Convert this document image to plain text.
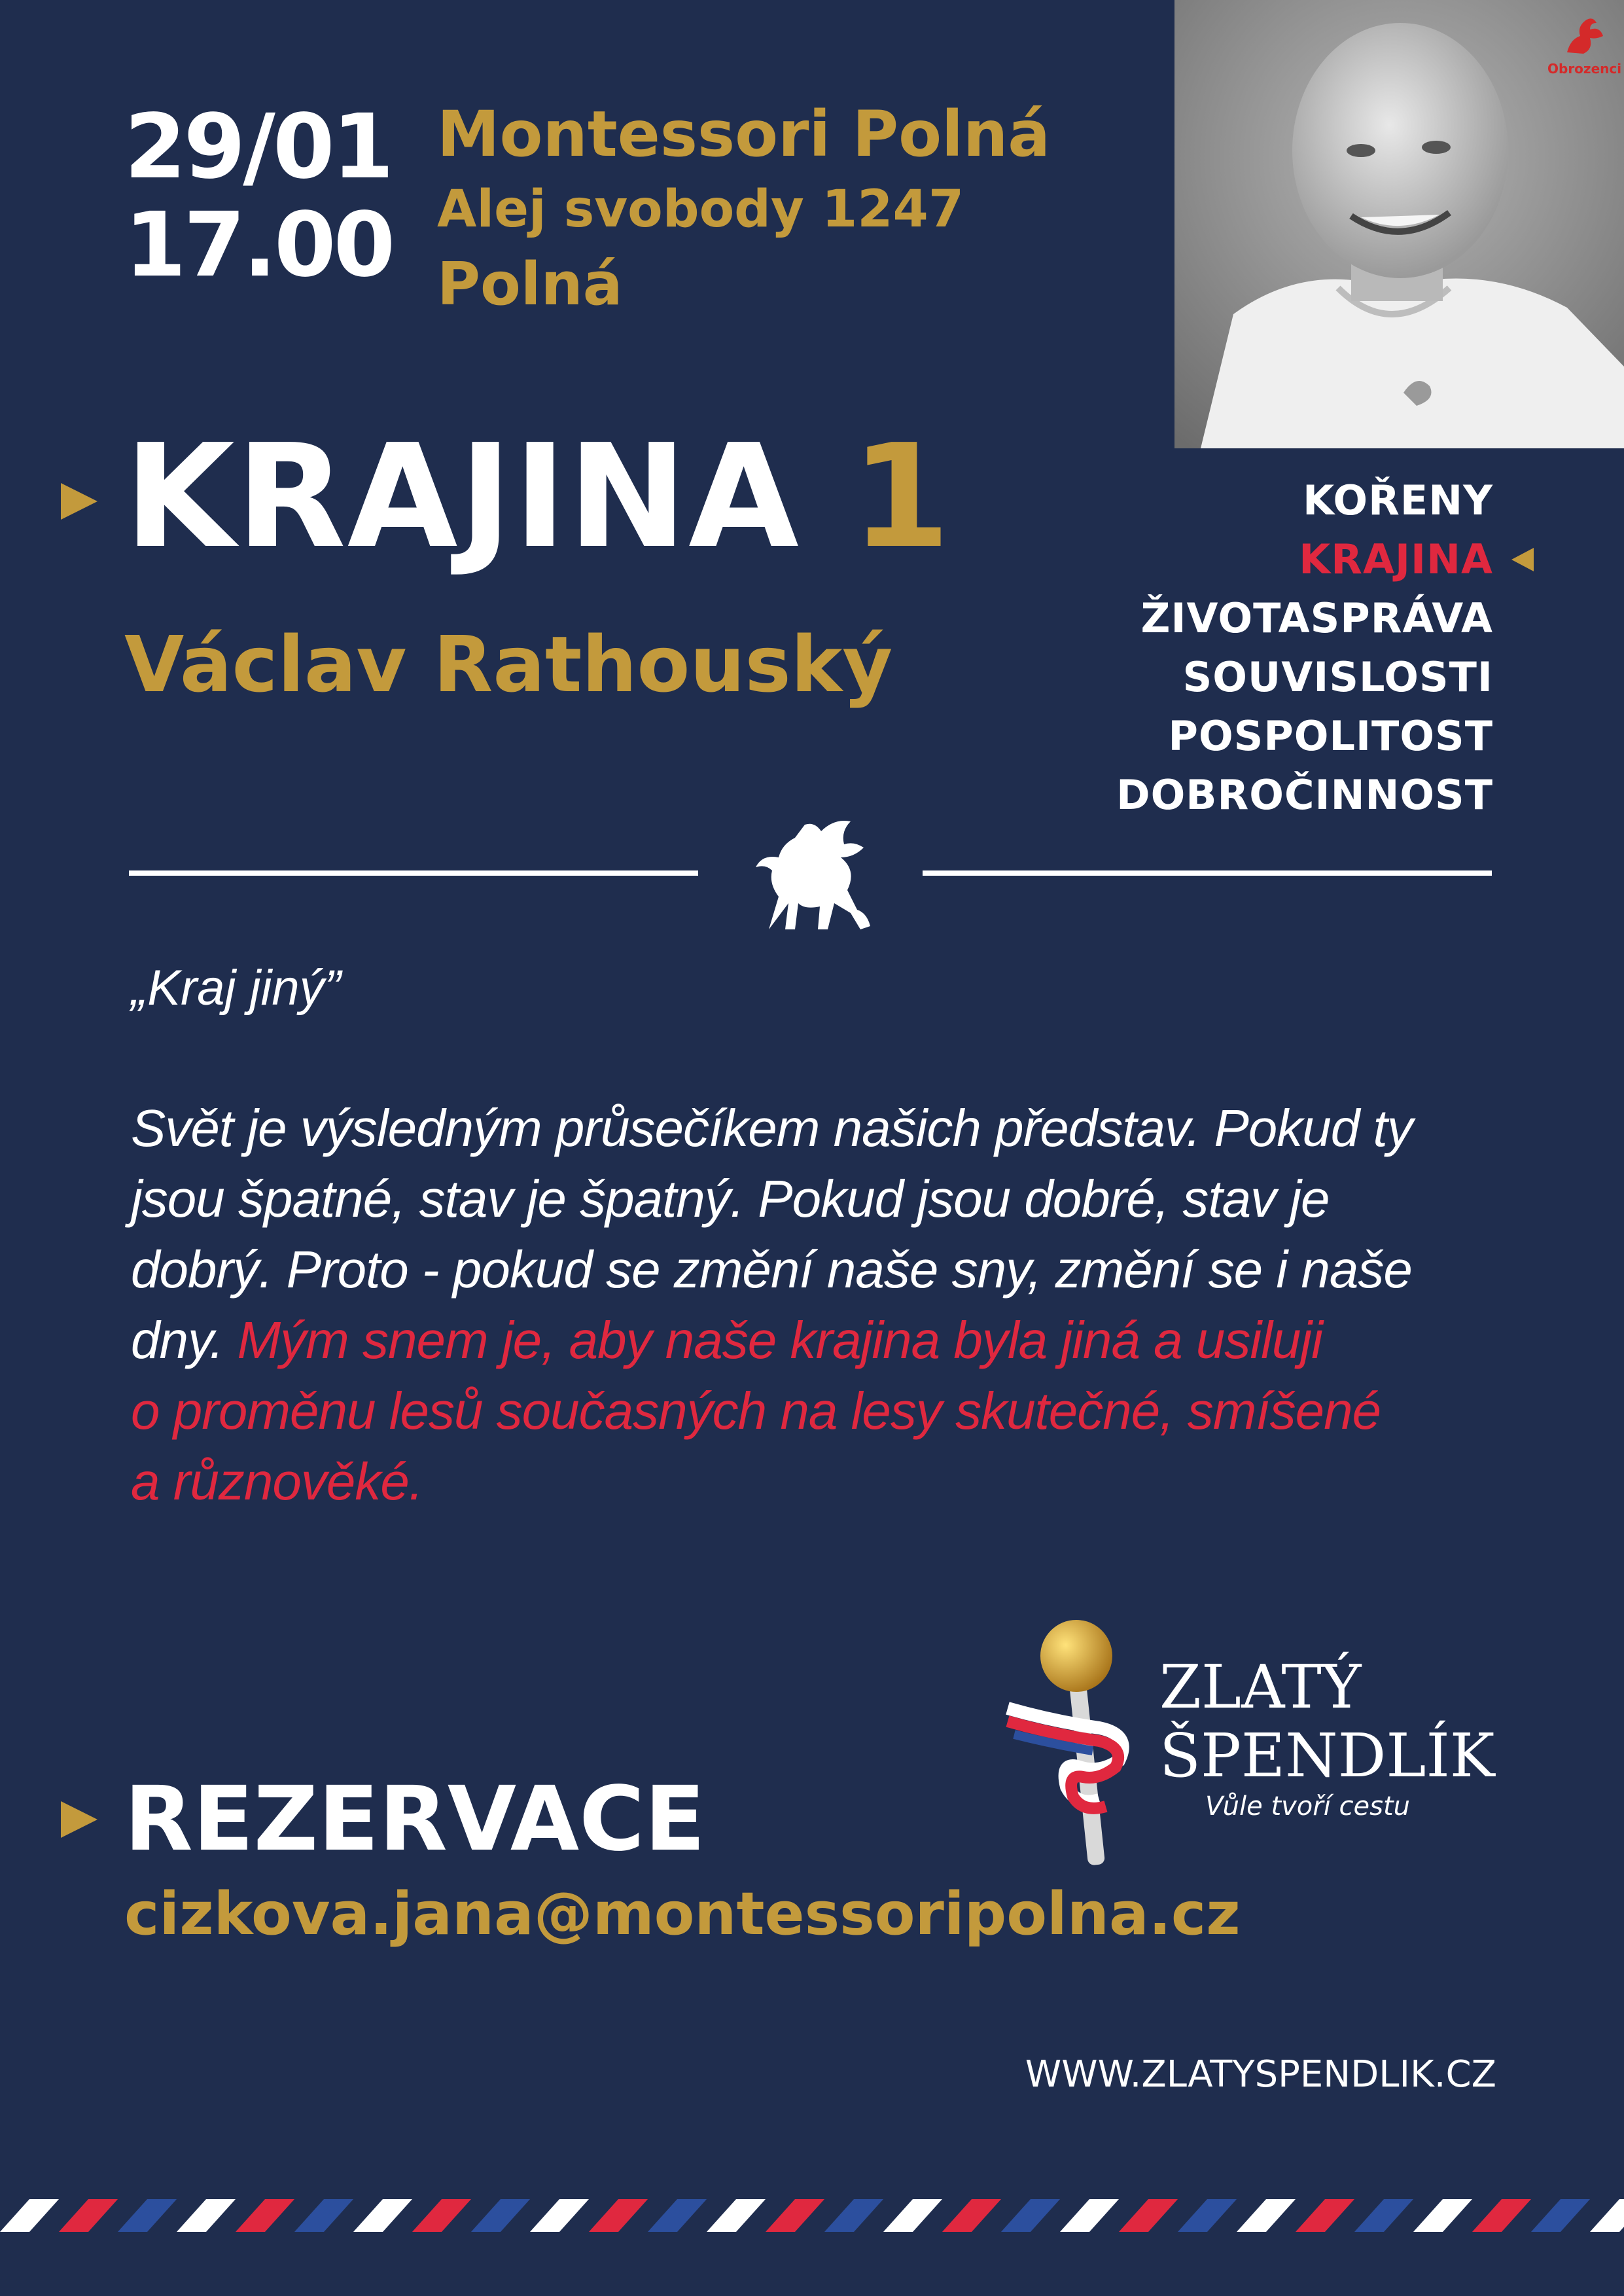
29/01
17.00
Montessori Polná
Alej svobody 1247
Polná
Obrozenci
KRAJINA 1
Václav Rathouský
KOŘENY
KRAJINA
ŽIVOTASPRÁVA
SOUVISLOSTI
POSPOLITOST
DOBROČINNOST
„Kraj jiný”
Svět je výsledným průsečíkem našich představ. Pokud ty
jsou špatné, stav je špatný. Pokud jsou dobré, stav je
dobrý. Proto - pokud se změní naše sny, změní se i naše
dny. Mým snem je, aby naše krajina byla jiná a usiluji
o proměnu lesů současných na lesy skutečné, smíšené
a různověké.
ZLATÝ
ŠPENDLÍK
Vůle tvoří cestu
REZERVACE
cizkova.jana@montessoripolna.cz
WWW.ZLATYSPENDLIK.CZ
